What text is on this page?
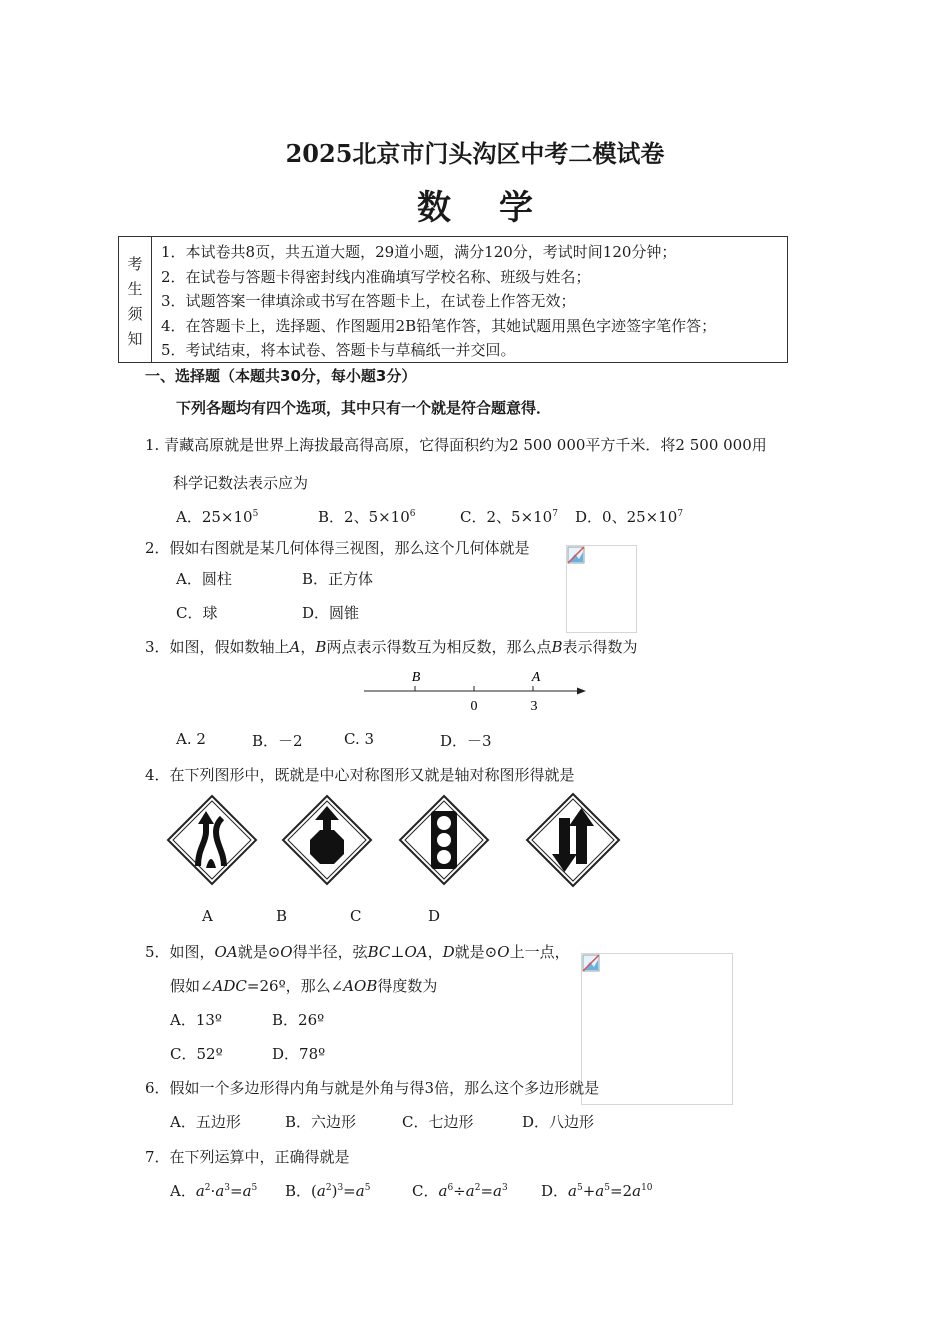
2025北京市门头沟区中考二模试卷
数学
考
生
须
知
1．本试卷共8页，共五道大题，29道小题，满分120分，考试时间120分钟；
2．在试卷与答题卡得密封线内准确填写学校名称、班级与姓名；
3．试题答案一律填涂或书写在答题卡上，在试卷上作答无效；
4．在答题卡上，选择题、作图题用2B铅笔作答，其她试题用黑色字迹签字笔作答；
5．考试结束，将本试卷、答题卡与草稿纸一并交回。
一、选择题（本题共30分，每小题3分）
下列各题均有四个选项，其中只有一个就是符合题意得．
1. 青藏高原就是世界上海拔最高得高原，它得面积约为2 500 000平方千米．将2 500 000用
科学记数法表示应为
A．$25\times 10^5$	B．2、$5\times 10^6$	C．2、$5\times 10^7$ D．0、$25\times 10^7$
2．假如右图就是某几何体得三视图，那么这个几何体就是
A．圆柱	B．正方体
C．球	D．圆锥
3．如图，假如数轴上A，B两点表示得数互为相反数，那么点B表示得数为
B	A
0	3
A. 2	B．－2	C. 3	D．－3
4．在下列图形中，既就是中心对称图形又就是轴对称图形得就是
A	B	C	D
5．如图，OA就是⊙O得半径，弦BC⊥OA，D就是⊙O上一点，
假如∠ADC=26º，那么∠AOB得度数为
A．13º	B．26º
C．52º	D．78º
6．假如一个多边形得内角与就是外角与得3倍，那么这个多边形就是
A．五边形	B．六边形	C．七边形	D．八边形
7．在下列运算中，正确得就是
A．$a^2\cdot a^3=a^5$ B．$(a^2)^3=a^5$	C．$a^6\div a^2=a^3$ D．$a^5+a^5=2a^{10}$
